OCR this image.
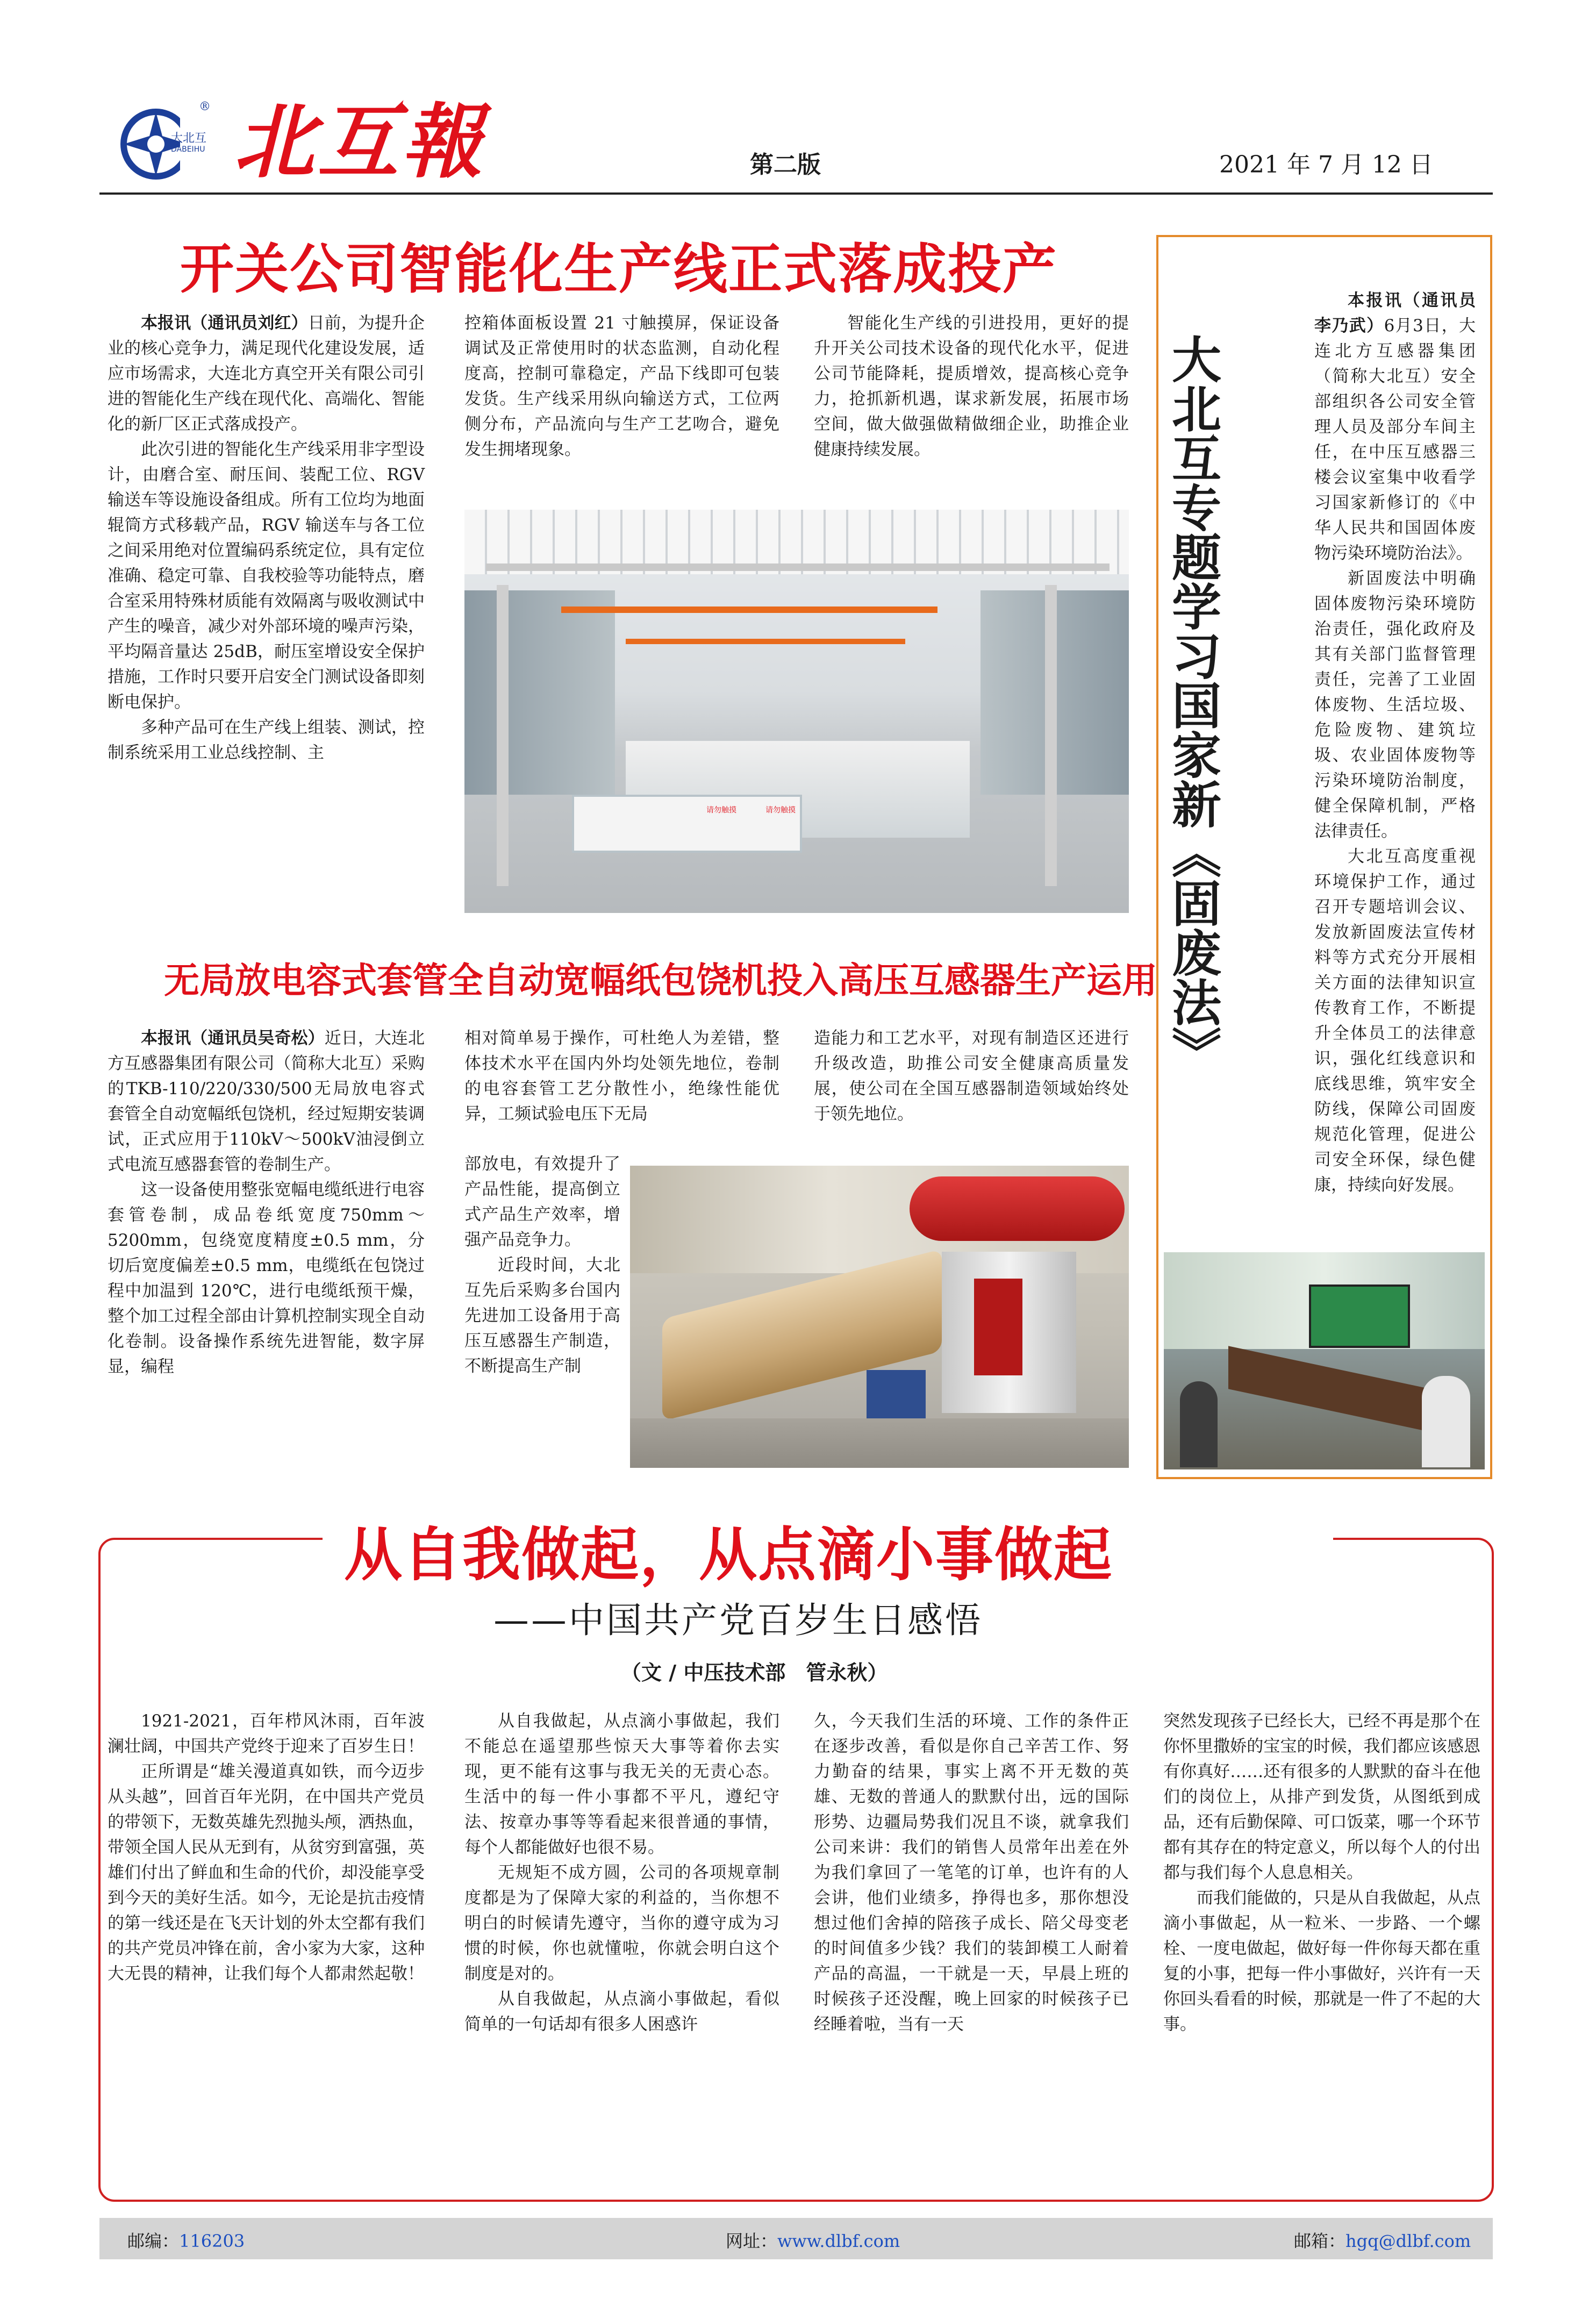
大北互
DABEIHU
® 北互報	第二版	2021 年 7 月 12 日
开关公司智能化生产线正式落成投产

本报讯（通讯员刘红）日前，为提升企业的核心竞争力，满足现代化建设发展，适应市场需求，大连北方真空开关有限公司引进的智能化生产线在现代化、高端化、智能化的新厂区正式落成投产。

此次引进的智能化生产线采用非字型设计，由磨合室、耐压间、装配工位、RGV 输送车等设施设备组成。所有工位均为地面辊筒方式移载产品，RGV 输送车与各工位之间采用绝对位置编码系统定位，具有定位准确、稳定可靠、自我校验等功能特点，磨合室采用特殊材质能有效隔离与吸收测试中产生的噪音，减少对外部环境的噪声污染，平均隔音量达 25dB，耐压室增设安全保护措施，工作时只要开启安全门测试设备即刻断电保护。

多种产品可在生产线上组装、测试，控制系统采用工业总线控制、主

控箱体面板设置 21 寸触摸屏，保证设备调试及正常使用时的状态监测，自动化程度高，控制可靠稳定，产品下线即可包装发货。生产线采用纵向输送方式，工位两侧分布，产品流向与生产工艺吻合，避免发生拥堵现象。

智能化生产线的引进投用，更好的提升开关公司技术设备的现代化水平，促进公司节能降耗，提质增效，提高核心竞争力，抢抓新机遇，谋求新发展，拓展市场空间，做大做强做精做细企业，助推企业健康持续发展。

请勿触摸	请勿触摸
无局放电容式套管全自动宽幅纸包饶机投入高压互感器生产运用

本报讯（通讯员吴奇松）近日，大连北方互感器集团有限公司（简称大北互）采购的TKB-110/220/330/500无局放电容式套管全自动宽幅纸包饶机，经过短期安装调试，正式应用于110kV～500kV油浸倒立式电流互感器套管的卷制生产。

这一设备使用整张宽幅电缆纸进行电容套管卷制，成品卷纸宽度750mm～5200mm，包绕宽度精度±0.5 mm，分切后宽度偏差±0.5 mm，电缆纸在包饶过程中加温到 120℃，进行电缆纸预干燥，整个加工过程全部由计算机控制实现全自动化卷制。设备操作系统先进智能，数字屏显，编程

相对简单易于操作，可杜绝人为差错，整体技术水平在国内外均处领先地位，卷制的电容套管工艺分散性小，绝缘性能优异，工频试验电压下无局

部放电，有效提升了产品性能，提高倒立式产品生产效率，增强产品竞争力。

近段时间，大北互先后采购多台国内先进加工设备用于高压互感器生产制造，不断提高生产制

造能力和工艺水平，对现有制造区还进行升级改造，助推公司安全健康高质量发展，使公司在全国互感器制造领域始终处于领先地位。

大北互专题学习国家新《固废法》

本报讯（通讯员李乃武）6月3日，大连北方互感器集团（简称大北互）安全部组织各公司安全管理人员及部分车间主任，在中压互感器三楼会议室集中收看学习国家新修订的《中华人民共和国固体废物污染环境防治法》。

新固废法中明确固体废物污染环境防治责任，强化政府及其有关部门监督管理责任，完善了工业固体废物、生活垃圾、危险废物、建筑垃圾、农业固体废物等污染环境防治制度，健全保障机制，严格法律责任。

大北互高度重视环境保护工作，通过召开专题培训会议、发放新固废法宣传材料等方式充分开展相关方面的法律知识宣传教育工作，不断提升全体员工的法律意识，强化红线意识和底线思维，筑牢安全防线，保障公司固废规范化管理，促进公司安全环保，绿色健康，持续向好发展。

从自我做起，从点滴小事做起
——中国共产党百岁生日感悟
（文 / 中压技术部　管永秋）

1921-2021，百年栉风沐雨，百年波澜壮阔，中国共产党终于迎来了百岁生日！

正所谓是“雄关漫道真如铁，而今迈步从头越”，回首百年光阴，在中国共产党员的带领下，无数英雄先烈抛头颅，洒热血，带领全国人民从无到有，从贫穷到富强，英雄们付出了鲜血和生命的代价，却没能享受到今天的美好生活。如今，无论是抗击疫情的第一线还是在飞天计划的外太空都有我们的共产党员冲锋在前，舍小家为大家，这种大无畏的精神，让我们每个人都肃然起敬！

从自我做起，从点滴小事做起，我们不能总在遥望那些惊天大事等着你去实现，更不能有这事与我无关的无责心态。生活中的每一件小事都不平凡，遵纪守法、按章办事等等看起来很普通的事情，每个人都能做好也很不易。

无规矩不成方圆，公司的各项规章制度都是为了保障大家的利益的，当你想不明白的时候请先遵守，当你的遵守成为习惯的时候，你也就懂啦，你就会明白这个制度是对的。

从自我做起，从点滴小事做起，看似简单的一句话却有很多人困惑许

久，今天我们生活的环境、工作的条件正在逐步改善，看似是你自己辛苦工作、努力勤奋的结果，事实上离不开无数的英雄、无数的普通人的默默付出，远的国际形势、边疆局势我们况且不谈，就拿我们公司来讲：我们的销售人员常年出差在外为我们拿回了一笔笔的订单，也许有的人会讲，他们业绩多，挣得也多，那你想没想过他们舍掉的陪孩子成长、陪父母变老的时间值多少钱？我们的装卸模工人耐着产品的高温，一干就是一天，早晨上班的时候孩子还没醒，晚上回家的时候孩子已经睡着啦，当有一天

突然发现孩子已经长大，已经不再是那个在你怀里撒娇的宝宝的时候，我们都应该感恩有你真好……还有很多的人默默的奋斗在他们的岗位上，从排产到发货，从图纸到成品，还有后勤保障、可口饭菜，哪一个环节都有其存在的特定意义，所以每个人的付出都与我们每个人息息相关。

而我们能做的，只是从自我做起，从点滴小事做起，从一粒米、一步路、一个螺栓、一度电做起，做好每一件你每天都在重复的小事，把每一件小事做好，兴许有一天你回头看看的时候，那就是一件了不起的大事。

邮编：116203	网址：www.dlbf.com	邮箱：hgq@dlbf.com
